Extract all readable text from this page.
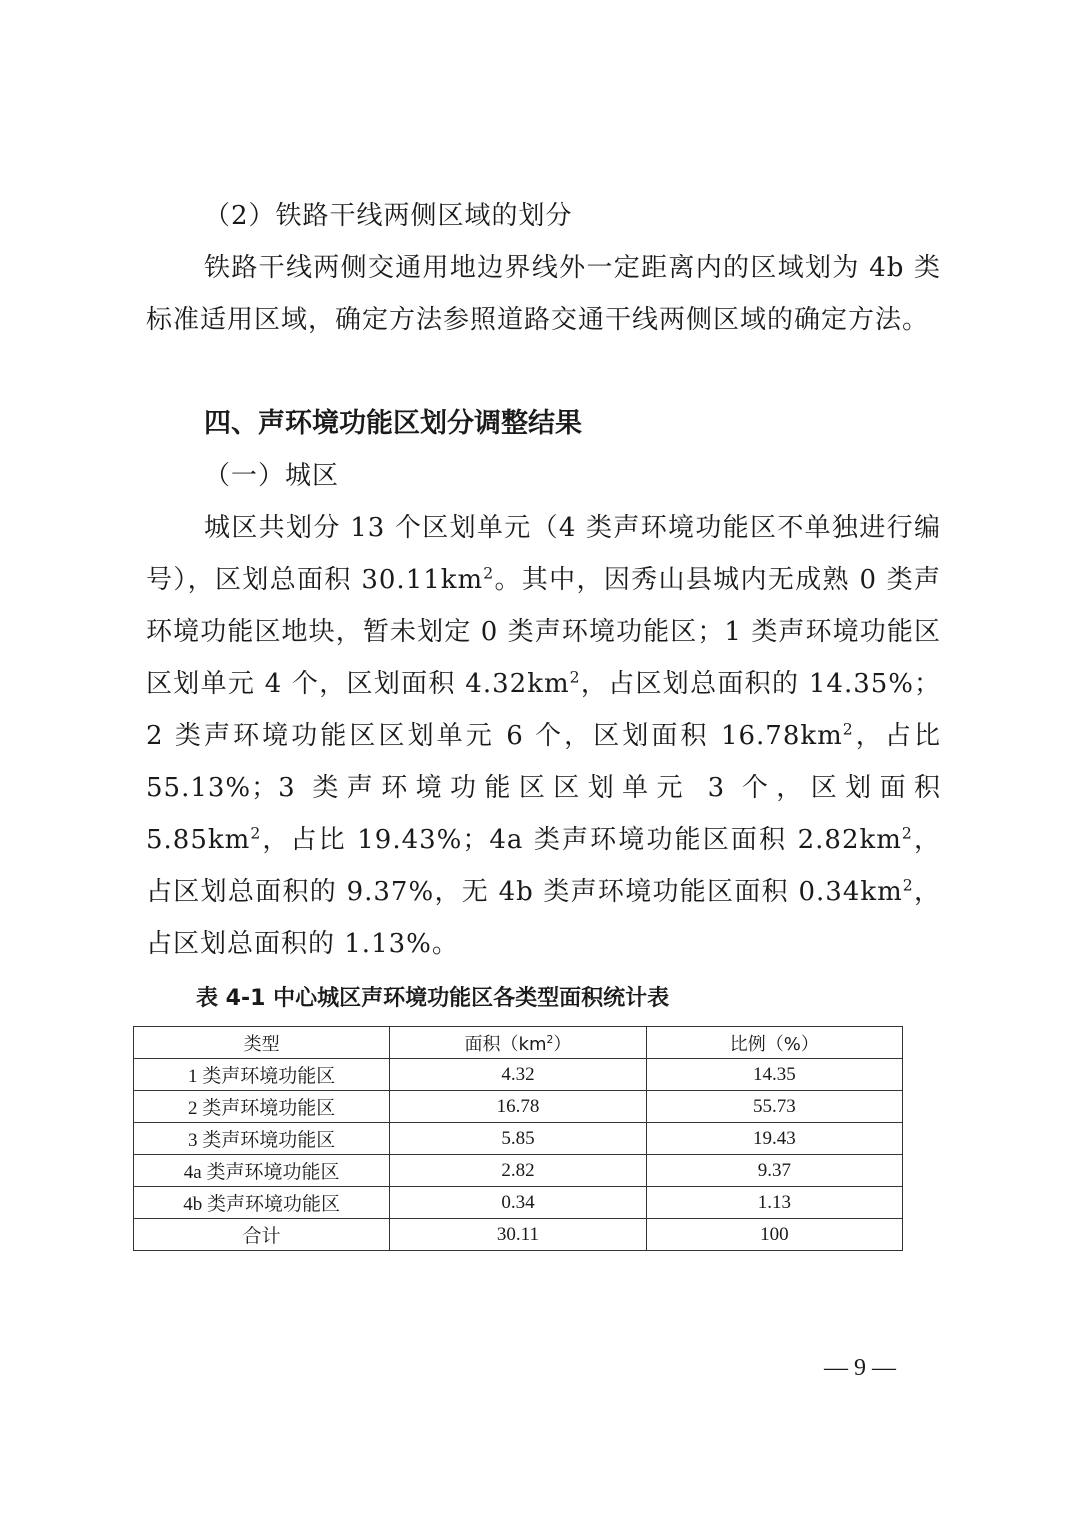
（2）铁路干线两侧区域的划分

铁路干线两侧交通用地边界线外一定距离内的区域划为 4b 类标准适用区域，确定方法参照道路交通干线两侧区域的确定方法。

四、声环境功能区划分调整结果

（一）城区

城区共划分 13 个区划单元（4 类声环境功能区不单独进行编号），区划总面积 $30.11km^2$。其中，因秀山县城内无成熟 0 类声环境功能区地块，暂未划定 0 类声环境功能区；1 类声环境功能区区划单元 4 个，区划面积 $4.32km^2$，占区划总面积的 14.35%；2 类声环境功能区区划单元 6 个，区划面积 $16.78km^2$，占比 55.13%；3 类声环境功能区区划单元 3 个，区划面积 $5.85km^2$，占比 19.43%；4a 类声环境功能区面积 $2.82km^2$，占区划总面积的 9.37%，无 4b 类声环境功能区面积 $0.34km^2$，占区划总面积的 1.13%。

表 4-1 中心城区声环境功能区各类型面积统计表
类型	面积$(km^2)$	比例（%）
1 类声环境功能区	4.32	14.35
2 类声环境功能区	16.78	55.73
3 类声环境功能区	5.85	19.43
4a 类声环境功能区	2.82	9.37
4b 类声环境功能区	0.34	1.13
合计	30.11	100
— 9 —
